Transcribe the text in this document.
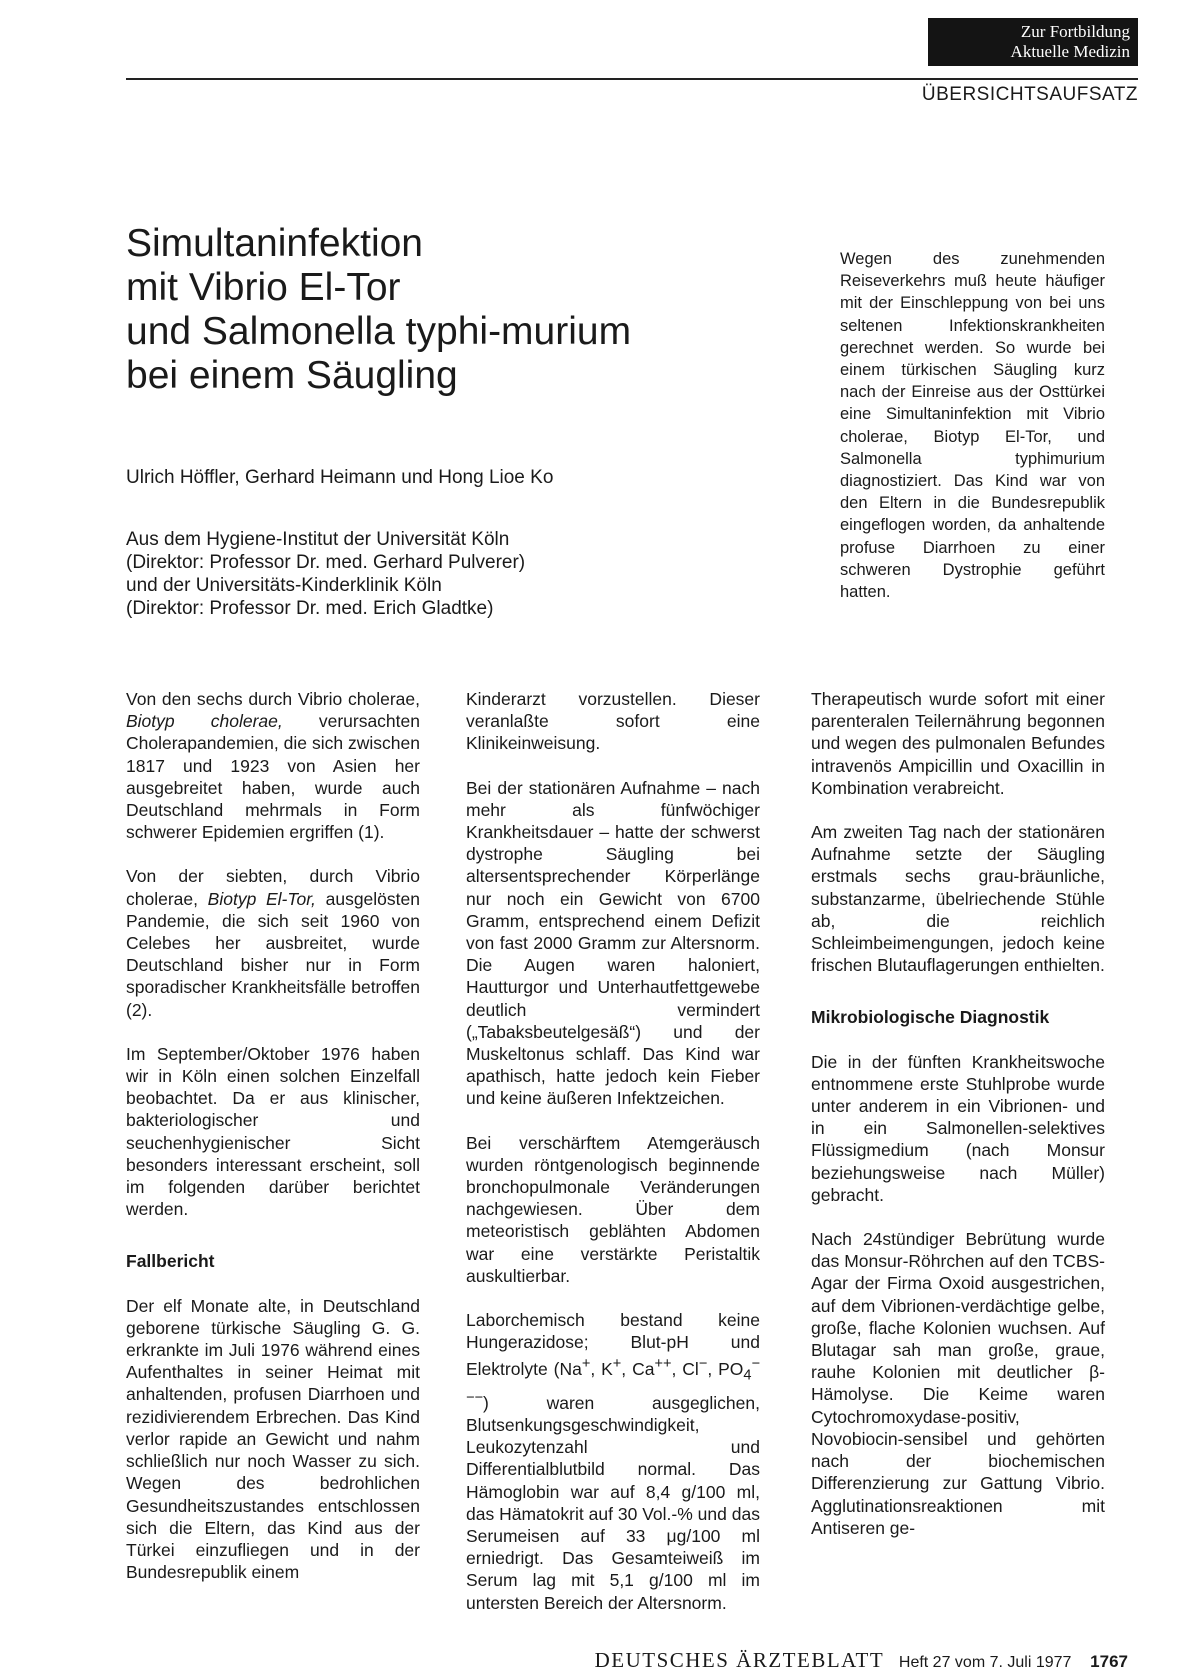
Zur Fortbildung
Aktuelle Medizin
ÜBERSICHTSAUFSATZ
Simultaninfektion
mit Vibrio El-Tor
und Salmonella typhi-murium
bei einem Säugling
Ulrich Höffler, Gerhard Heimann und Hong Lioe Ko
Aus dem Hygiene-Institut der Universität Köln
(Direktor: Professor Dr. med. Gerhard Pulverer)
und der Universitäts-Kinderklinik Köln
(Direktor: Professor Dr. med. Erich Gladtke)
Wegen des zunehmenden Reiseverkehrs muß heute häufiger mit der Einschleppung von bei uns seltenen Infektionskrankheiten gerechnet werden. So wurde bei einem türkischen Säugling kurz nach der Einreise aus der Osttürkei eine Simultaninfektion mit Vibrio cholerae, Biotyp El-Tor, und Salmonella typhimurium diagnostiziert. Das Kind war von den Eltern in die Bundesrepublik eingeflogen worden, da anhaltende profuse Diarrhoen zu einer schweren Dystrophie geführt hatten.

Von den sechs durch Vibrio cholerae, Biotyp cholerae, verursachten Cholerapandemien, die sich zwischen 1817 und 1923 von Asien her ausgebreitet haben, wurde auch Deutschland mehrmals in Form schwerer Epidemien ergriffen (1).

Von der siebten, durch Vibrio cholerae, Biotyp El-Tor, ausgelösten Pandemie, die sich seit 1960 von Celebes her ausbreitet, wurde Deutschland bisher nur in Form sporadischer Krankheitsfälle betroffen (2).

Im September/Oktober 1976 haben wir in Köln einen solchen Einzelfall beobachtet. Da er aus klinischer, bakteriologischer und seuchenhygienischer Sicht besonders interessant erscheint, soll im folgenden darüber berichtet werden.

Fallbericht

Der elf Monate alte, in Deutschland geborene türkische Säugling G. G. erkrankte im Juli 1976 während eines Aufenthaltes in seiner Heimat mit anhaltenden, profusen Diarrhoen und rezidivierendem Erbrechen. Das Kind verlor rapide an Gewicht und nahm schließlich nur noch Wasser zu sich. Wegen des bedrohlichen Gesundheitszustandes entschlossen sich die Eltern, das Kind aus der Türkei einzufliegen und in der Bundesrepublik einem

Kinderarzt vorzustellen. Dieser veranlaßte sofort eine Klinikeinweisung.

Bei der stationären Aufnahme – nach mehr als fünfwöchiger Krankheitsdauer – hatte der schwerst dystrophe Säugling bei altersentsprechender Körperlänge nur noch ein Gewicht von 6700 Gramm, entsprechend einem Defizit von fast 2000 Gramm zur Altersnorm. Die Augen waren haloniert, Hautturgor und Unterhautfettgewebe deutlich vermindert („Tabaksbeutelgesäß“) und der Muskeltonus schlaff. Das Kind war apathisch, hatte jedoch kein Fieber und keine äußeren Infektzeichen.

Bei verschärftem Atemgeräusch wurden röntgenologisch beginnende bronchopulmonale Veränderungen nachgewiesen. Über dem meteoristisch geblähten Abdomen war eine verstärkte Peristaltik auskultierbar.

Laborchemisch bestand keine Hungerazidose; Blut-pH und Elektrolyte (Na+, K+, Ca++, Cl−, $PO_4^{---}$) waren ausgeglichen, Blutsenkungsgeschwindigkeit, Leukozytenzahl und Differentialblutbild normal. Das Hämoglobin war auf 8,4 g/100 ml, das Hämatokrit auf 30 Vol.-% und das Serumeisen auf 33 μg/100 ml erniedrigt. Das Gesamteiweiß im Serum lag mit 5,1 g/100 ml im untersten Bereich der Altersnorm.

Therapeutisch wurde sofort mit einer parenteralen Teilernährung begonnen und wegen des pulmonalen Befundes intravenös Ampicillin und Oxacillin in Kombination verabreicht.

Am zweiten Tag nach der stationären Aufnahme setzte der Säugling erstmals sechs grau-bräunliche, substanzarme, übelriechende Stühle ab, die reichlich Schleimbeimengungen, jedoch keine frischen Blutauflagerungen enthielten.

Mikrobiologische Diagnostik

Die in der fünften Krankheitswoche entnommene erste Stuhlprobe wurde unter anderem in ein Vibrionen- und in ein Salmonellen-selektives Flüssigmedium (nach Monsur beziehungsweise nach Müller) gebracht.

Nach 24stündiger Bebrütung wurde das Monsur-Röhrchen auf den TCBS-Agar der Firma Oxoid ausgestrichen, auf dem Vibrionen-verdächtige gelbe, große, flache Kolonien wuchsen. Auf Blutagar sah man große, graue, rauhe Kolonien mit deutlicher β-Hämolyse. Die Keime waren Cytochromoxydase-positiv, Novobiocin-sensibel und gehörten nach der biochemischen Differenzierung zur Gattung Vibrio. Agglutinationsreaktionen mit Antiseren ge-

DEUTSCHES ÄRZTEBLATT Heft 27 vom 7. Juli 1977 1767
